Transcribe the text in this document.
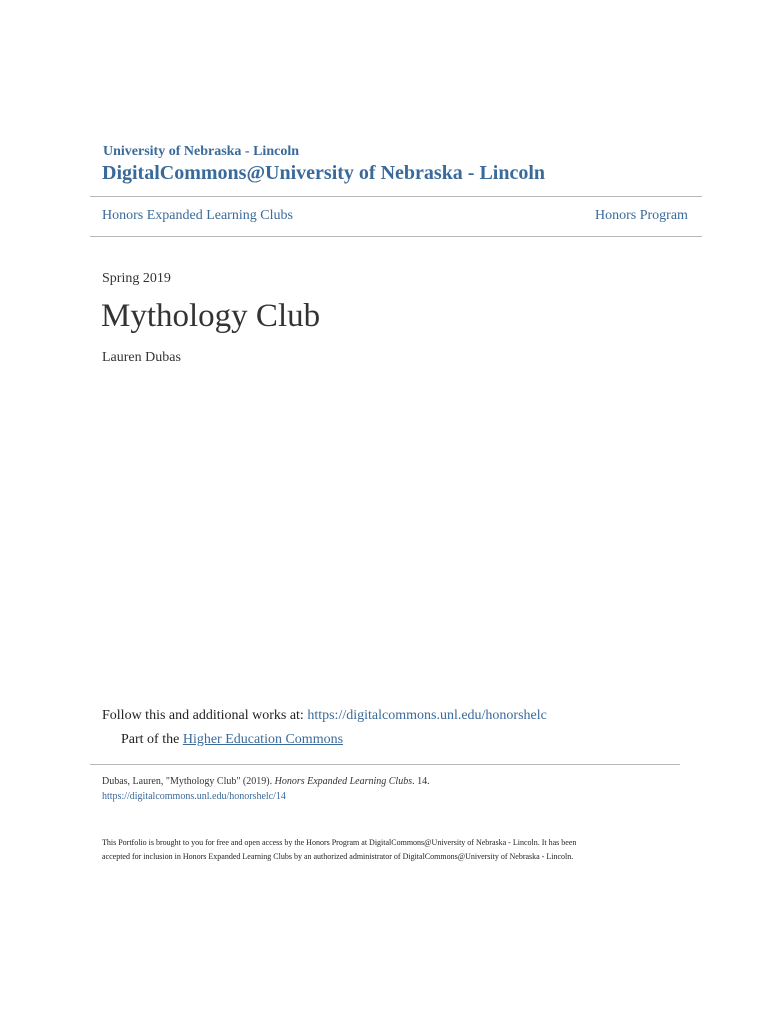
University of Nebraska - Lincoln
DigitalCommons@University of Nebraska - Lincoln
Honors Expanded Learning Clubs	Honors Program
Spring 2019
Mythology Club
Lauren Dubas
Follow this and additional works at: https://digitalcommons.unl.edu/honorshelc
Part of the Higher Education Commons
Dubas, Lauren, "Mythology Club" (2019). Honors Expanded Learning Clubs. 14.
https://digitalcommons.unl.edu/honorshelc/14
This Portfolio is brought to you for free and open access by the Honors Program at DigitalCommons@University of Nebraska - Lincoln. It has been
accepted for inclusion in Honors Expanded Learning Clubs by an authorized administrator of DigitalCommons@University of Nebraska - Lincoln.
